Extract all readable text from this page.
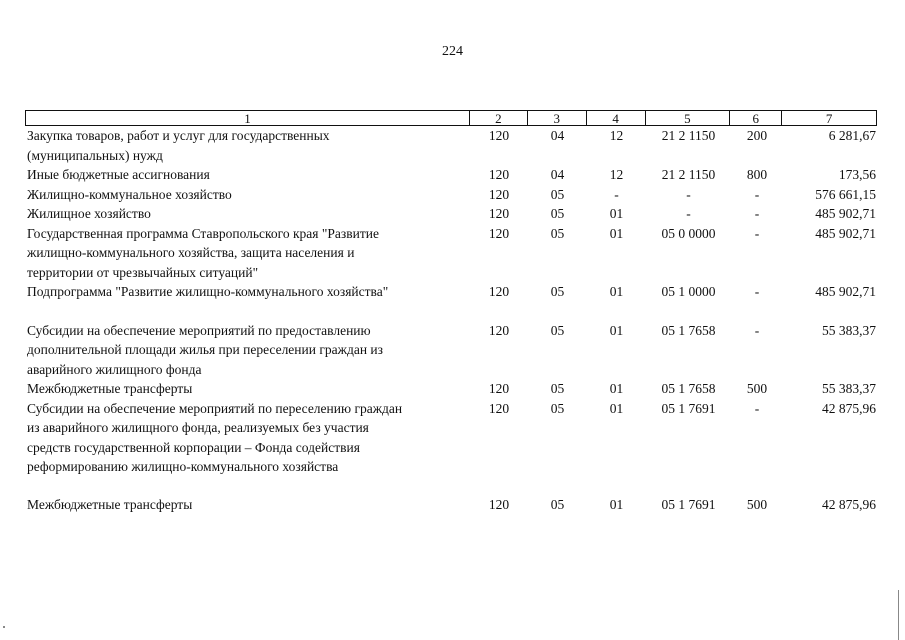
224
1	2	3	4	5	6	7
Закупка товаров, работ и услуг для государственных
(муниципальных) нужд
120	04	12	21 2 1150	200	6 281,67
Иные бюджетные ассигнования	120	04	12	21 2 1150	800	173,56
Жилищно-коммунальное хозяйство	120	05	-	-	-	576 661,15
Жилищное хозяйство	120	05	01	-	-	485 902,71
Государственная программа Ставропольского края "Развитие
жилищно-коммунального хозяйства, защита населения и
территории от чрезвычайных ситуаций"
120	05	01	05 0 0000	-	485 902,71
Подпрограмма "Развитие жилищно-коммунального хозяйства"	120	05	01	05 1 0000	-	485 902,71
Субсидии на обеспечение мероприятий по предоставлению
дополнительной площади жилья при переселении граждан из
аварийного жилищного фонда
120	05	01	05 1 7658	-	55 383,37
Межбюджетные трансферты	120	05	01	05 1 7658	500	55 383,37
Субсидии на обеспечение мероприятий по переселению граждан
из аварийного жилищного фонда, реализуемых без участия
средств государственной корпорации – Фонда содействия
реформированию жилищно-коммунального хозяйства
120	05	01	05 1 7691	-	42 875,96
Межбюджетные трансферты	120	05	01	05 1 7691	500	42 875,96
